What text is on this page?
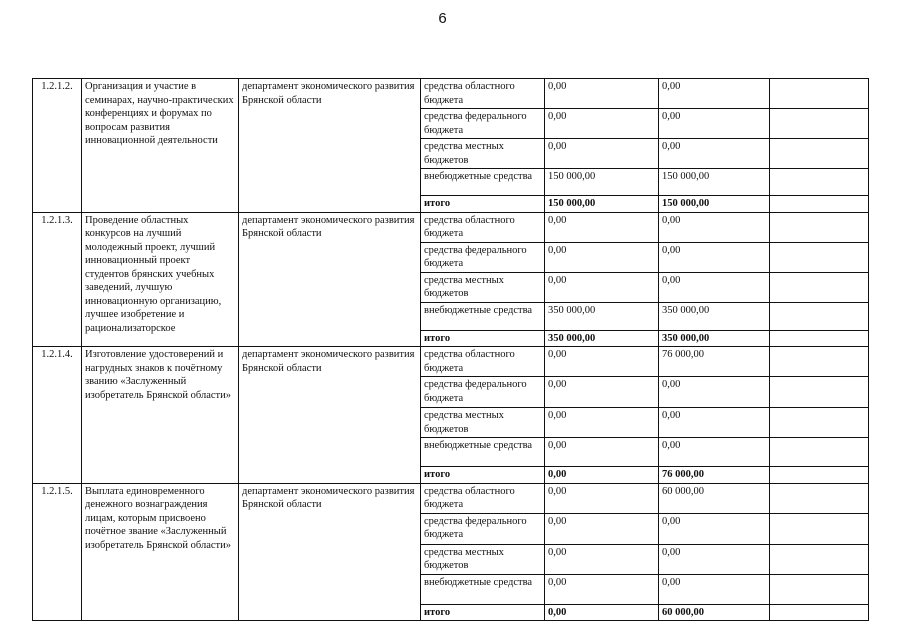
6
1.2.1.2.	Организация и участие в семинарах, научно-практических конференциях и форумах по вопросам развития инновационной деятельности	департамент экономического развития Брянской области	средства областного бюджета	0,00	0,00	
			средства федерального бюджета	0,00	0,00	
			средства местных бюджетов	0,00	0,00	
			внебюджетные средства	150 000,00	150 000,00	
			итого	150 000,00	150 000,00	
1.2.1.3.	Проведение областных конкурсов на лучший молодежный проект, лучший инновационный проект студентов брянских учебных заведений, лучшую инновационную организацию, лучшее изобретение и рационализаторское	департамент экономического развития Брянской области	средства областного бюджета	0,00	0,00	
			средства федерального бюджета	0,00	0,00	
			средства местных бюджетов	0,00	0,00	
			внебюджетные средства	350 000,00	350 000,00	
			итого	350 000,00	350 000,00	
1.2.1.4.	Изготовление удостоверений и нагрудных знаков к почётному званию «Заслуженный изобретатель Брянской области»	департамент экономического развития Брянской области	средства областного бюджета	0,00	76 000,00	
			средства федерального бюджета	0,00	0,00	
			средства местных бюджетов	0,00	0,00	
			внебюджетные средства	0,00	0,00	
			итого	0,00	76 000,00	
1.2.1.5.	Выплата единовременного денежного вознаграждения лицам, которым присвоено почётное звание «Заслуженный изобретатель Брянской области»	департамент экономического развития Брянской области	средства областного бюджета	0,00	60 000,00	
			средства федерального бюджета	0,00	0,00	
			средства местных бюджетов	0,00	0,00	
			внебюджетные средства	0,00	0,00	
			итого	0,00	60 000,00	
